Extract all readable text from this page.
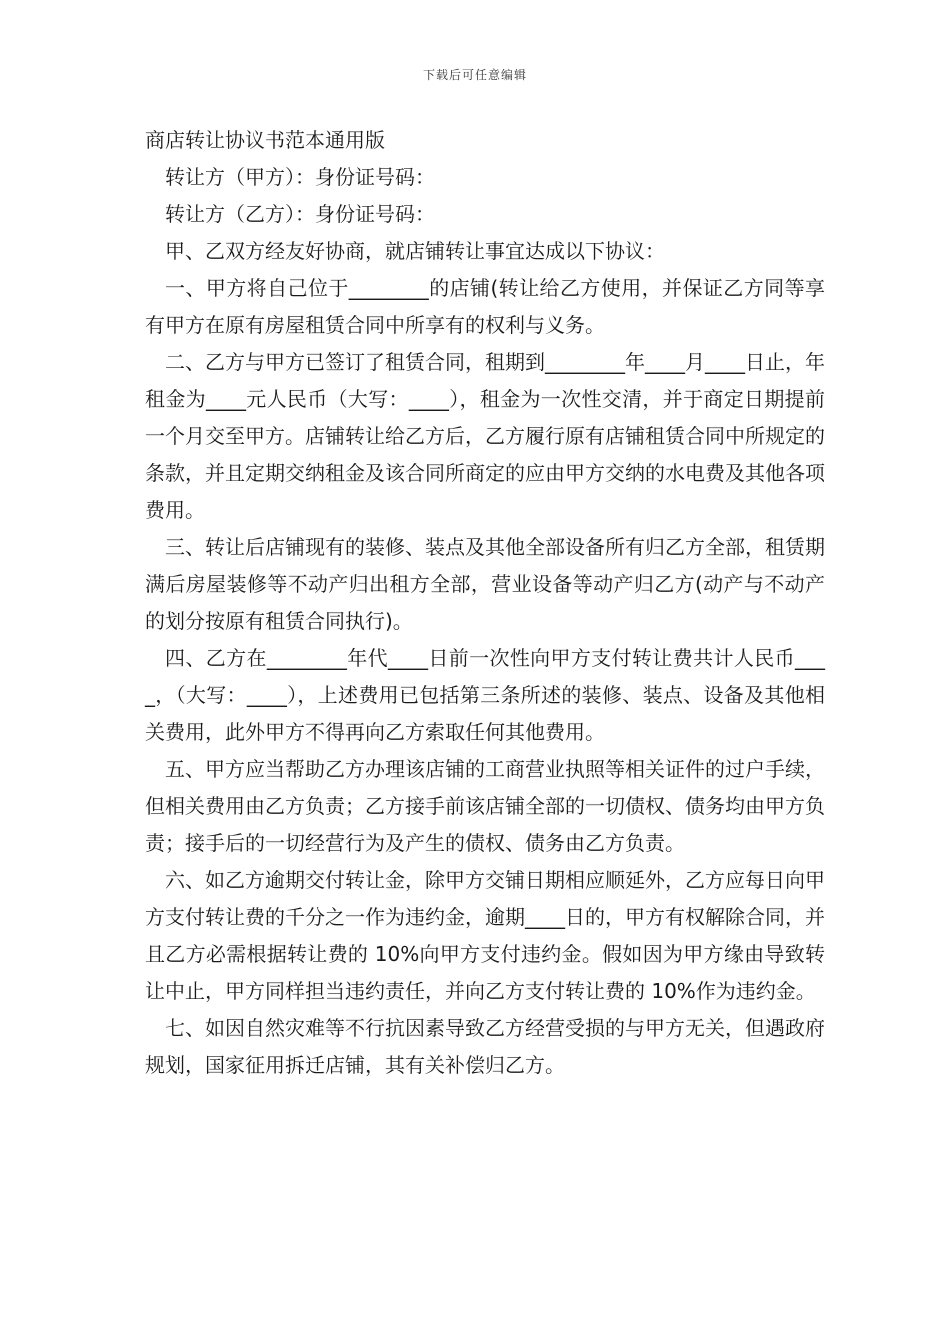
下载后可任意编辑

商店转让协议书范本通用版

转让方（甲方）：身份证号码：

转让方（乙方）：身份证号码：

甲、乙双方经友好协商，就店铺转让事宜达成以下协议：

一、甲方将自己位于________的店铺(转让给乙方使用，并保证乙方同等享有甲方在原有房屋租赁合同中所享有的权利与义务。

二、乙方与甲方已签订了租赁合同，租期到________年____月____日止，年租金为____元人民币（大写：____），租金为一次性交清，并于商定日期提前一个月交至甲方。店铺转让给乙方后，乙方履行原有店铺租赁合同中所规定的条款，并且定期交纳租金及该合同所商定的应由甲方交纳的水电费及其他各项费用。

三、转让后店铺现有的装修、装点及其他全部设备所有归乙方全部，租赁期满后房屋装修等不动产归出租方全部，营业设备等动产归乙方(动产与不动产的划分按原有租赁合同执行)。

四、乙方在________年代____日前一次性向甲方支付转让费共计人民币____，（大写：____），上述费用已包括第三条所述的装修、装点、设备及其他相关费用，此外甲方不得再向乙方索取任何其他费用。

五、甲方应当帮助乙方办理该店铺的工商营业执照等相关证件的过户手续，但相关费用由乙方负责；乙方接手前该店铺全部的一切债权、债务均由甲方负责；接手后的一切经营行为及产生的债权、债务由乙方负责。

六、如乙方逾期交付转让金，除甲方交铺日期相应顺延外，乙方应每日向甲方支付转让费的千分之一作为违约金，逾期____日的，甲方有权解除合同，并且乙方必需根据转让费的 10%向甲方支付违约金。假如因为甲方缘由导致转让中止，甲方同样担当违约责任，并向乙方支付转让费的 10%作为违约金。

七、如因自然灾难等不行抗因素导致乙方经营受损的与甲方无关，但遇政府规划，国家征用拆迁店铺，其有关补偿归乙方。
